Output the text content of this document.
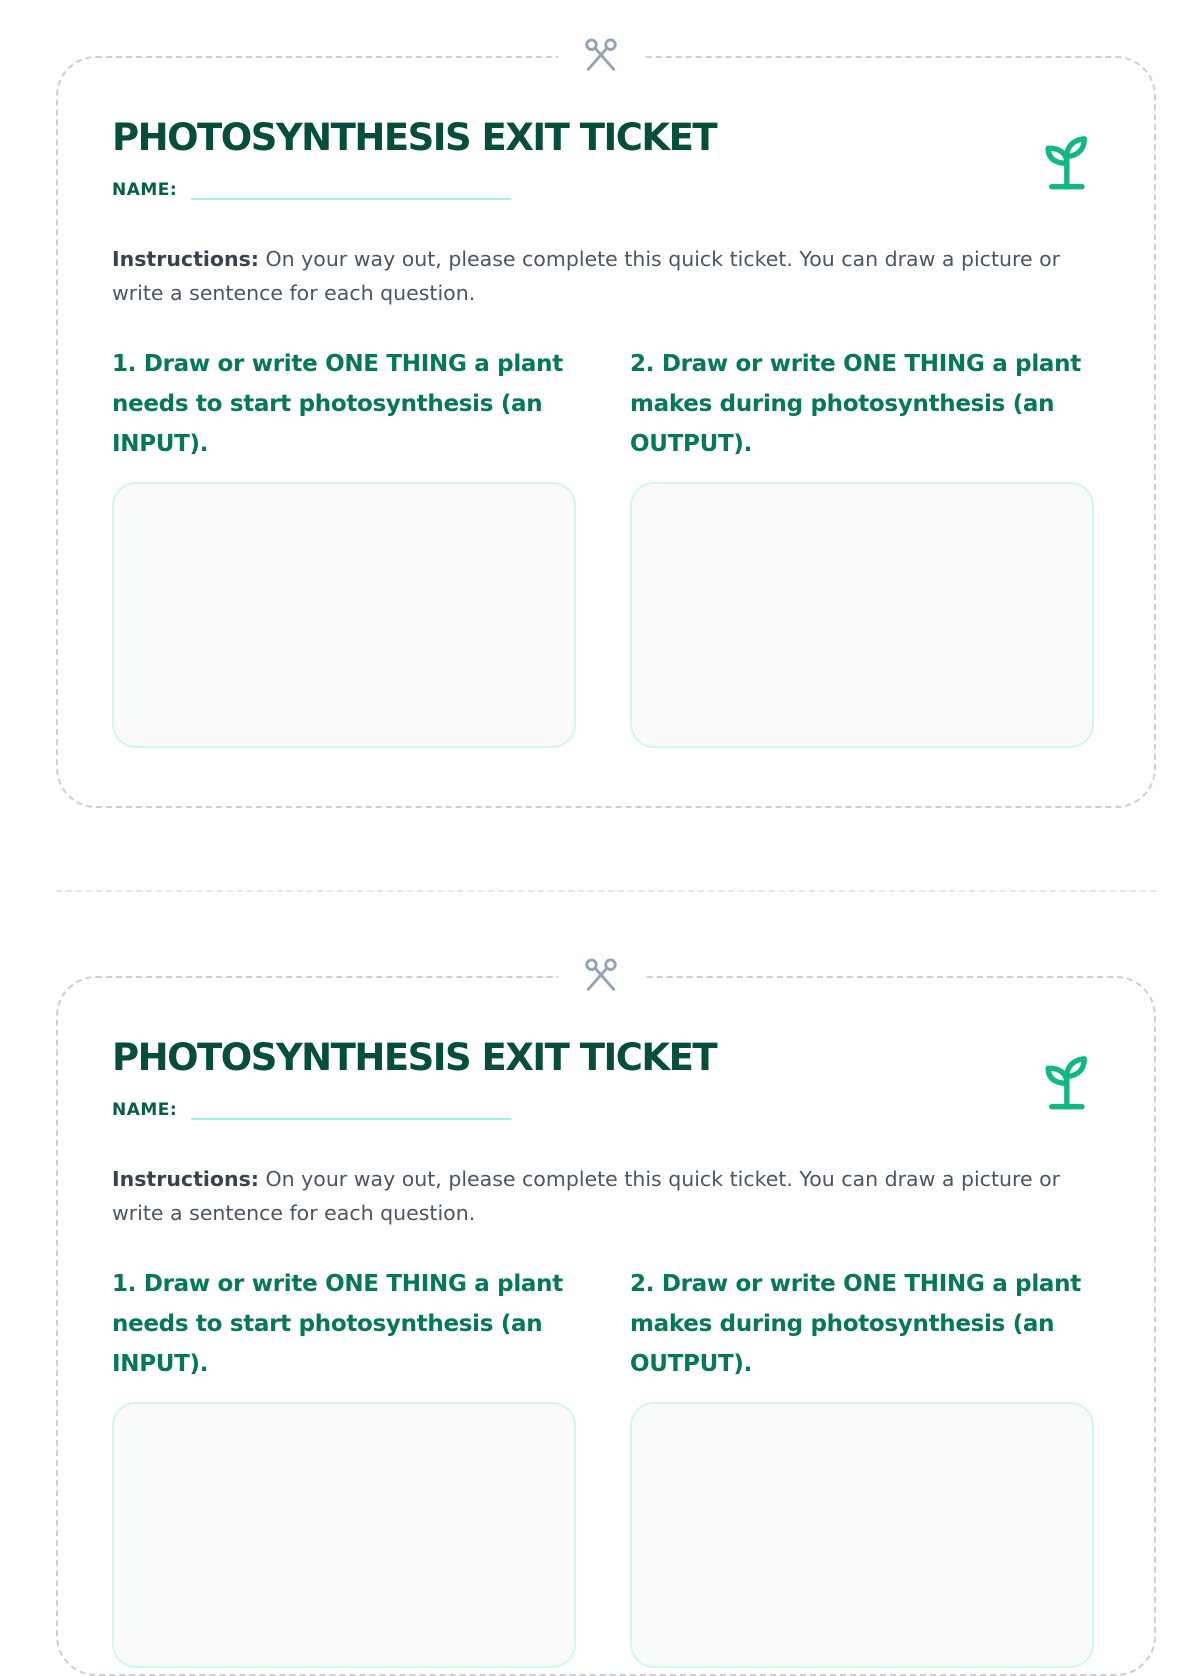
PHOTOSYNTHESIS EXIT TICKET
NAME:

Instructions: On your way out, please complete this quick ticket. You can draw a picture or write a sentence for each question.

1. Draw or write ONE THING a plant needs to start photosynthesis (an INPUT).

2. Draw or write ONE THING a plant makes during photosynthesis (an OUTPUT).

PHOTOSYNTHESIS EXIT TICKET
NAME:

Instructions: On your way out, please complete this quick ticket. You can draw a picture or write a sentence for each question.

1. Draw or write ONE THING a plant needs to start photosynthesis (an INPUT).

2. Draw or write ONE THING a plant makes during photosynthesis (an OUTPUT).
